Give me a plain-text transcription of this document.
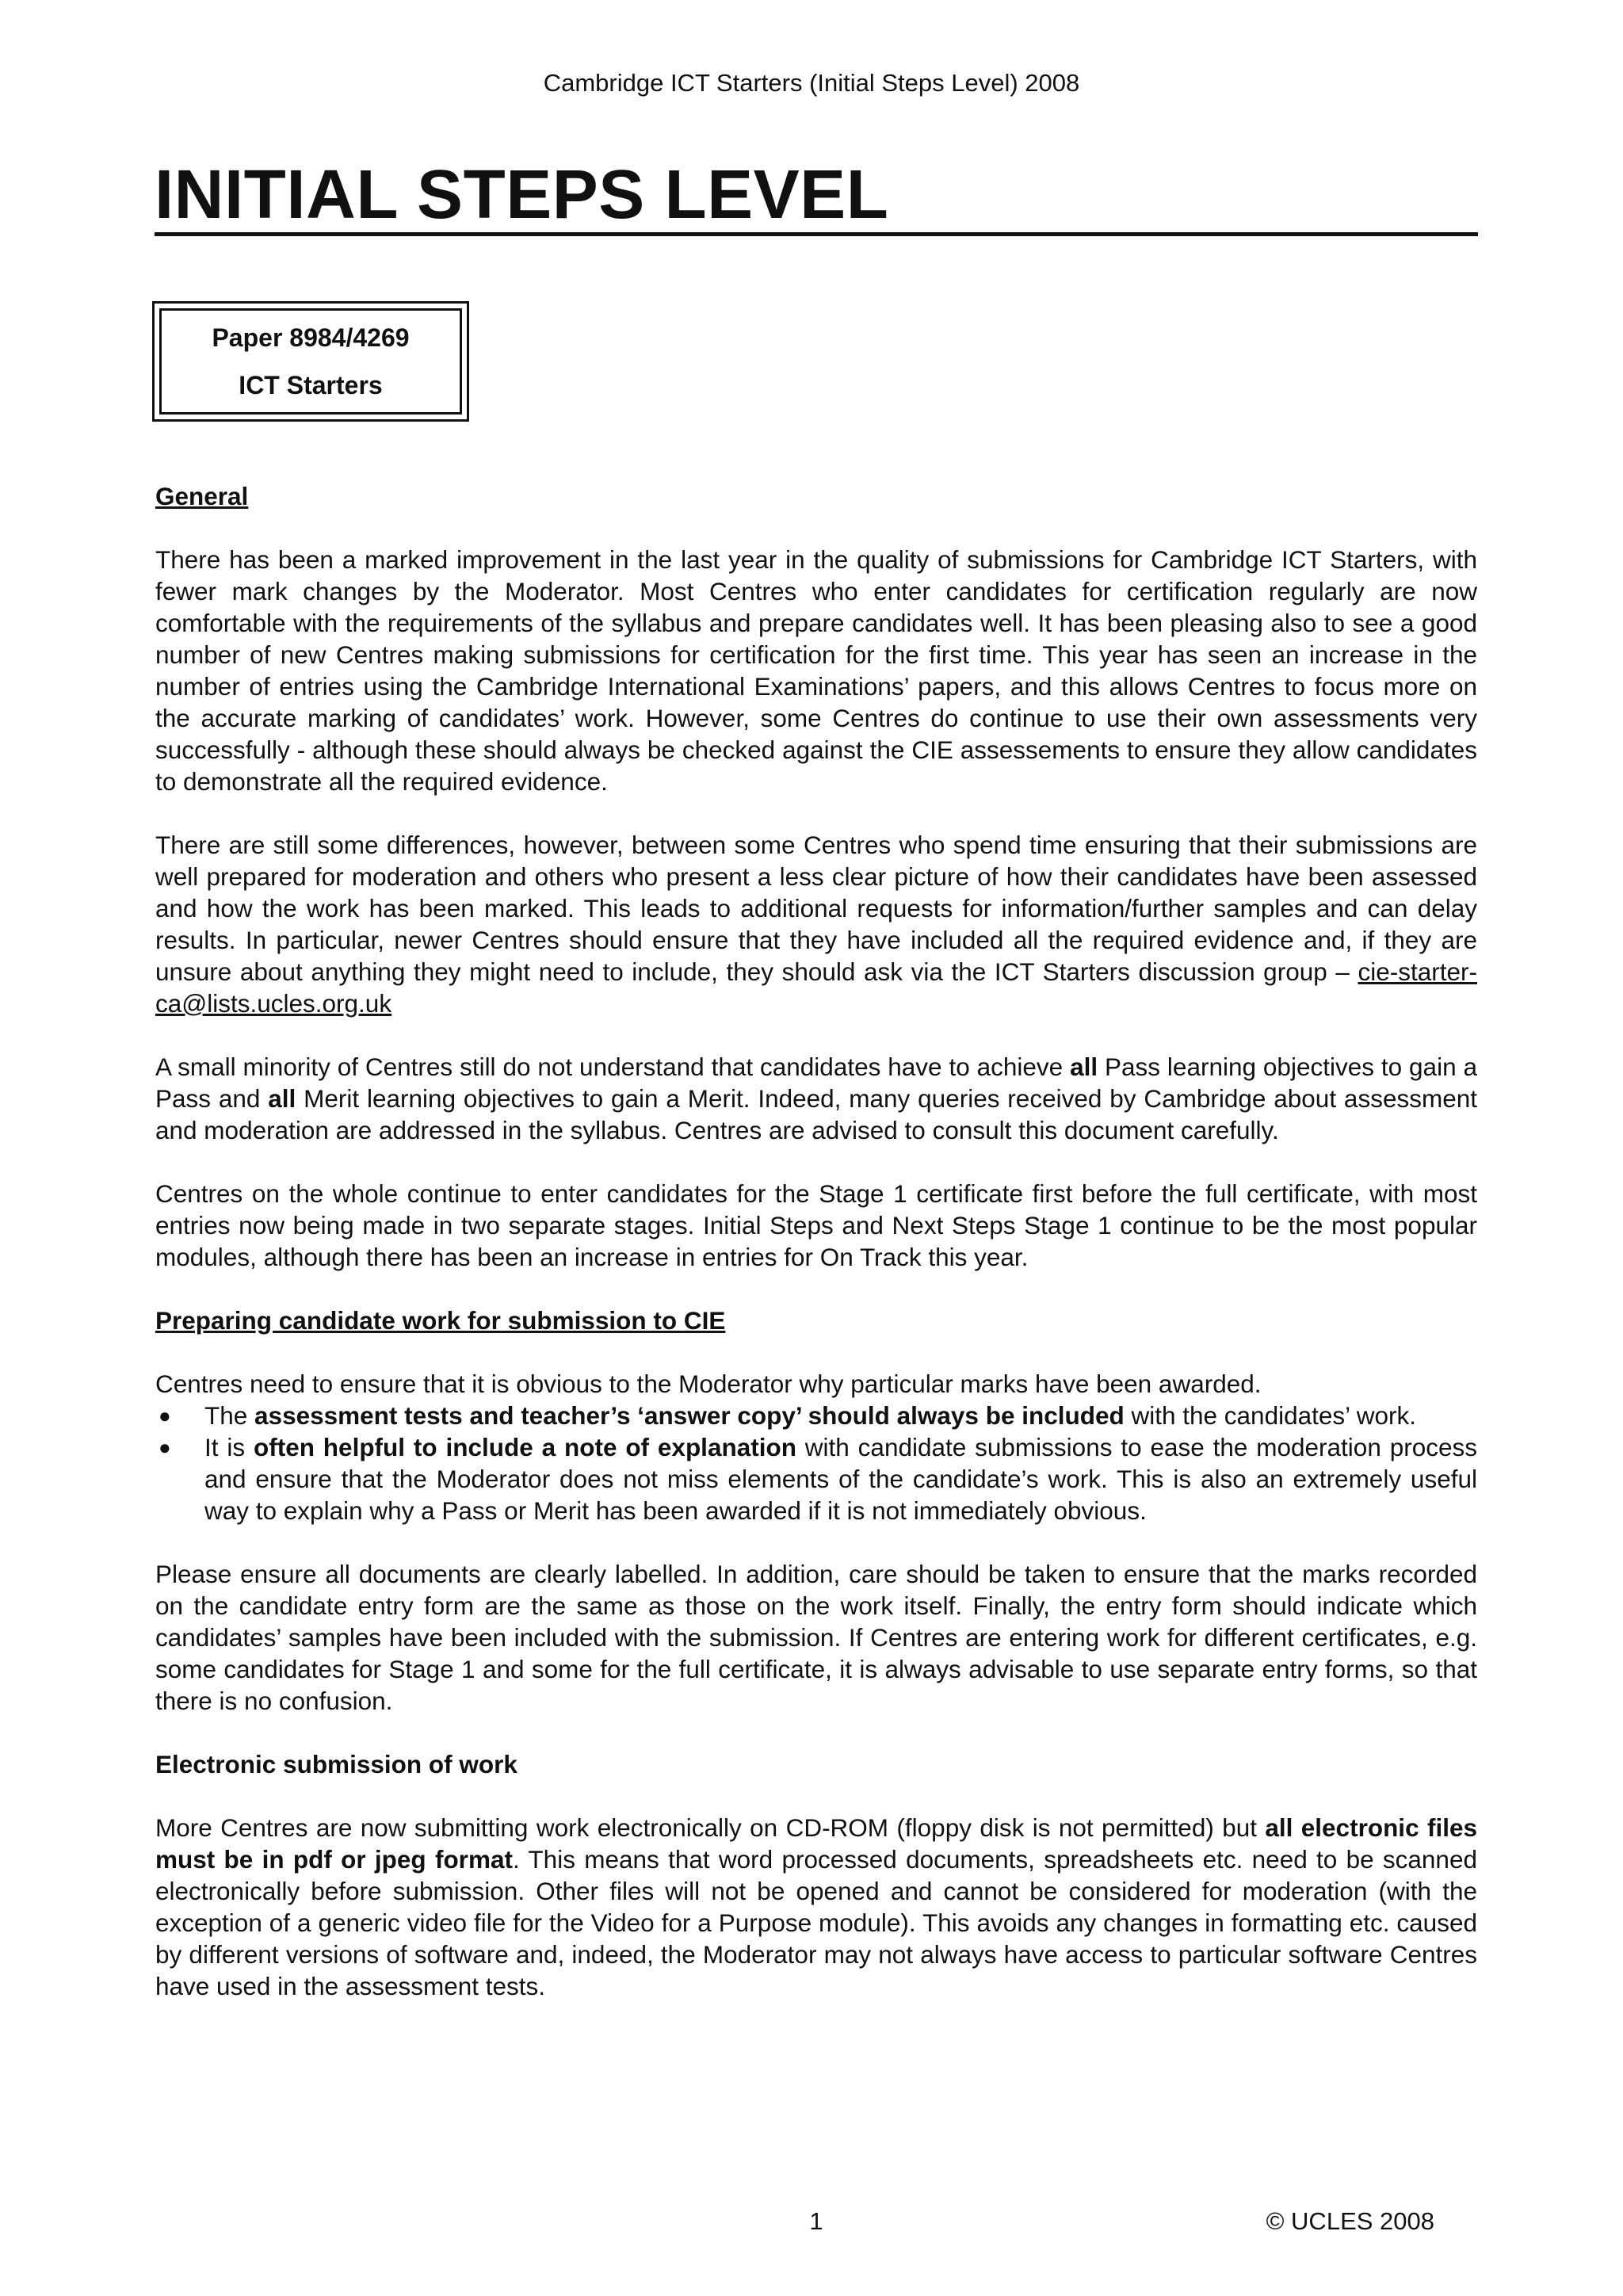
Cambridge ICT Starters (Initial Steps Level) 2008
INITIAL STEPS LEVEL
Paper 8984/4269
ICT Starters
General

There has been a marked improvement in the last year in the quality of submissions for Cambridge ICT Starters, with fewer mark changes by the Moderator. Most Centres who enter candidates for certification regularly are now comfortable with the requirements of the syllabus and prepare candidates well. It has been pleasing also to see a good number of new Centres making submissions for certification for the first time. This year has seen an increase in the number of entries using the Cambridge International Examinations’ papers, and this allows Centres to focus more on the accurate marking of candidates’ work. However, some Centres do continue to use their own assessments very successfully - although these should always be checked against the CIE assessements to ensure they allow candidates to demonstrate all the required evidence.

There are still some differences, however, between some Centres who spend time ensuring that their submissions are well prepared for moderation and others who present a less clear picture of how their candidates have been assessed and how the work has been marked. This leads to additional requests for information/further samples and can delay results. In particular, newer Centres should ensure that they have included all the required evidence and, if they are unsure about anything they might need to include, they should ask via the ICT Starters discussion group – cie-starter-ca@lists.ucles.org.uk

A small minority of Centres still do not understand that candidates have to achieve all Pass learning objectives to gain a Pass and all Merit learning objectives to gain a Merit. Indeed, many queries received by Cambridge about assessment and moderation are addressed in the syllabus. Centres are advised to consult this document carefully.

Centres on the whole continue to enter candidates for the Stage 1 certificate first before the full certificate, with most entries now being made in two separate stages. Initial Steps and Next Steps Stage 1 continue to be the most popular modules, although there has been an increase in entries for On Track this year.

Preparing candidate work for submission to CIE

Centres need to ensure that it is obvious to the Moderator why particular marks have been awarded.

● The assessment tests and teacher’s ‘answer copy’ should always be included with the candidates’ work.
● It is often helpful to include a note of explanation with candidate submissions to ease the moderation process and ensure that the Moderator does not miss elements of the candidate’s work. This is also an extremely useful way to explain why a Pass or Merit has been awarded if it is not immediately obvious.

Please ensure all documents are clearly labelled. In addition, care should be taken to ensure that the marks recorded on the candidate entry form are the same as those on the work itself. Finally, the entry form should indicate which candidates’ samples have been included with the submission. If Centres are entering work for different certificates, e.g. some candidates for Stage 1 and some for the full certificate, it is always advisable to use separate entry forms, so that there is no confusion.

Electronic submission of work

More Centres are now submitting work electronically on CD-ROM (floppy disk is not permitted) but all electronic files must be in pdf or jpeg format. This means that word processed documents, spreadsheets etc. need to be scanned electronically before submission. Other files will not be opened and cannot be considered for moderation (with the exception of a generic video file for the Video for a Purpose module). This avoids any changes in formatting etc. caused by different versions of software and, indeed, the Moderator may not always have access to particular software Centres have used in the assessment tests.

1	© UCLES 2008
